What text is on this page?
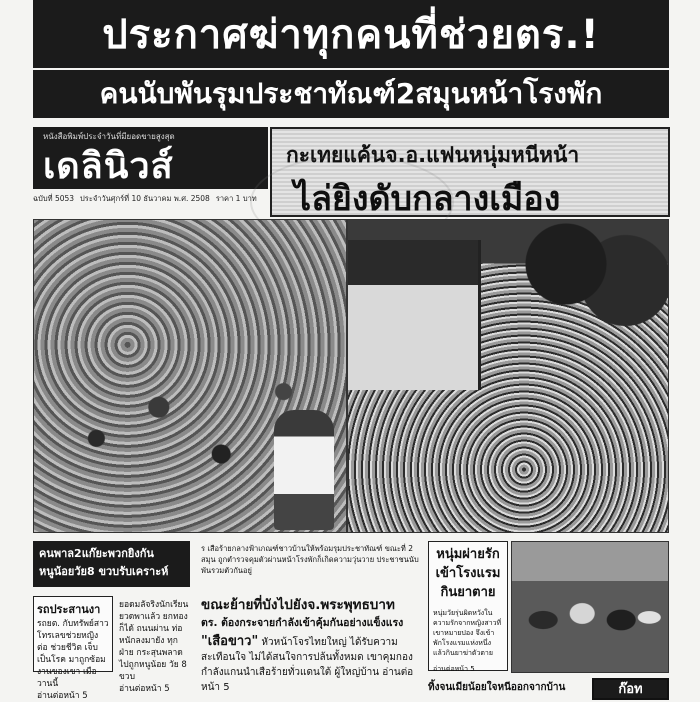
ประกาศฆ่าทุกคนที่ช่วยตร.!
คนนับพันรุมประชาทัณฑ์2สมุนหน้าโรงพัก
หนังสือพิมพ์ประจำวันที่มียอดขายสูงสุด
เดลินิวส์
ฉบับที่ 5053 ประจำวันศุกร์ที่ 10 ธันวาคม พ.ศ. 2508 ราคา 1 บาท
กะเทยแค้นจ.อ.แฟนหนุ่มหนีหน้า
ไล่ยิงดับกลางเมือง
คนพาล2แก๊ยะพวกยิงกัน
หนูน้อยวัย8 ขวบรับเคราะห์
รถประสานงา
รถยต. กับทรัพย์สาว โทรเลขช่วยหญิง ต่อ ช่วยชีวิต เจ็บเป็นโรค มาถูกซ้อม งานของเขา เมือ วานนี้
อ่านต่อหน้า 5
ยอดมลัจริงนักเรียน ยวดพาแล้ว ยกทองก็ได้ ถนนผ่าน ท่อหนักลงมายัง ทุกฝ่าย กระสุนพลาด ไปถูกหนูน้อย วัย 8 ขวบ
อ่านต่อหน้า 5
ร เสือร้ายกลางฟ้าเกณฑ์ชาวบ้านให้พร้อมรุมประชาทัณฑ์ ขณะที่ 2 สมุน ถูกตำรวจคุมตัวผ่านหน้าโรงพักก็เกิดความวุ่นวาย ประชาชนนับพันรวมตัวกันอยู่
ขณะย้ายที่บังไปยังจ.พระพุทธบาท
ตร. ต้องกระจายกำลังเข้าคุ้มกันอย่างแข็งแรง
"เสือขาว" หัวหน้าโจรไทยใหญ่ ได้รับความสะเทือนใจ ไม่ได้สนใจการปล้นทั้งหมด เขาคุมกองกำลังแกนนำเสือร้ายทั่วแดนใต้ ผู้ใหญ่บ้าน อ่านต่อหน้า 5
หนุ่มผ่ายรัก
เข้าโรงแรม
กินยาตาย
หนุ่มวัยรุ่นผิดหวังในความรักจากหญิงสาวที่เขาหมายปอง จึงเข้าพักโรงแรมแห่งหนึ่งแล้วกินยาฆ่าตัวตาย
อ่านต่อหน้า 5
ทิ้งจนเมียน้อยใจหนีออกจากบ้าน	ก๊อท
